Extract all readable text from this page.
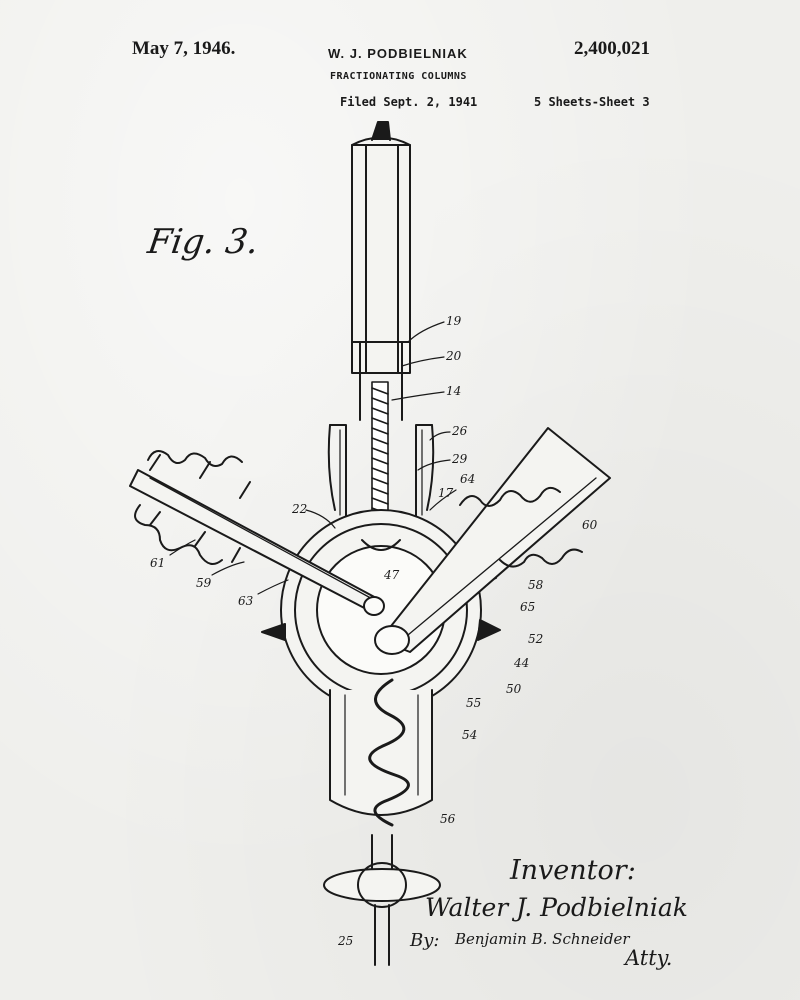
May 7, 1946.	W. J. PODBIELNIAK	2,400,021
FRACTIONATING COLUMNS
Filed Sept. 2, 1941	5 Sheets-Sheet 3
Fig. 3.
19
20
14
26
29
17
64
22
47
61
59
63
60
58
65
52
44
50
55
54
56
25
Inventor:
Walter J. Podbielniak
By: Benjamin B. Schneider
Atty.
